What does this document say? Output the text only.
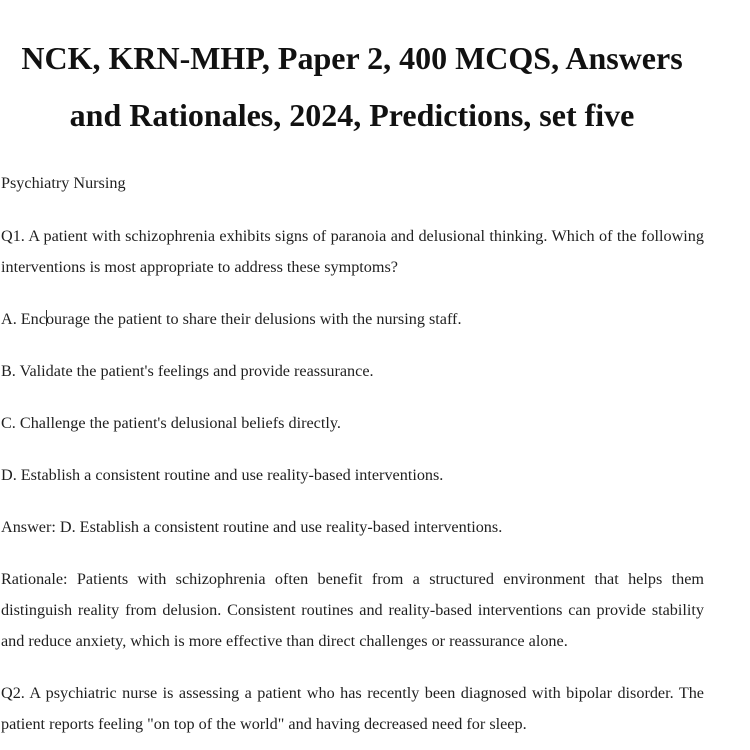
NCK, KRN-MHP, Paper 2, 400 MCQS, Answers and Rationales, 2024, Predictions, set five

Psychiatry Nursing

Q1. A patient with schizophrenia exhibits signs of paranoia and delusional thinking. Which of the following interventions is most appropriate to address these symptoms?

A. Encourage the patient to share their delusions with the nursing staff.

B. Validate the patient's feelings and provide reassurance.

C. Challenge the patient's delusional beliefs directly.

D. Establish a consistent routine and use reality-based interventions.

Answer: D. Establish a consistent routine and use reality-based interventions.

Rationale: Patients with schizophrenia often benefit from a structured environment that helps them distinguish reality from delusion. Consistent routines and reality-based interventions can provide stability and reduce anxiety, which is more effective than direct challenges or reassurance alone.

Q2. A psychiatric nurse is assessing a patient who has recently been diagnosed with bipolar disorder. The patient reports feeling "on top of the world" and having decreased need for sleep.
